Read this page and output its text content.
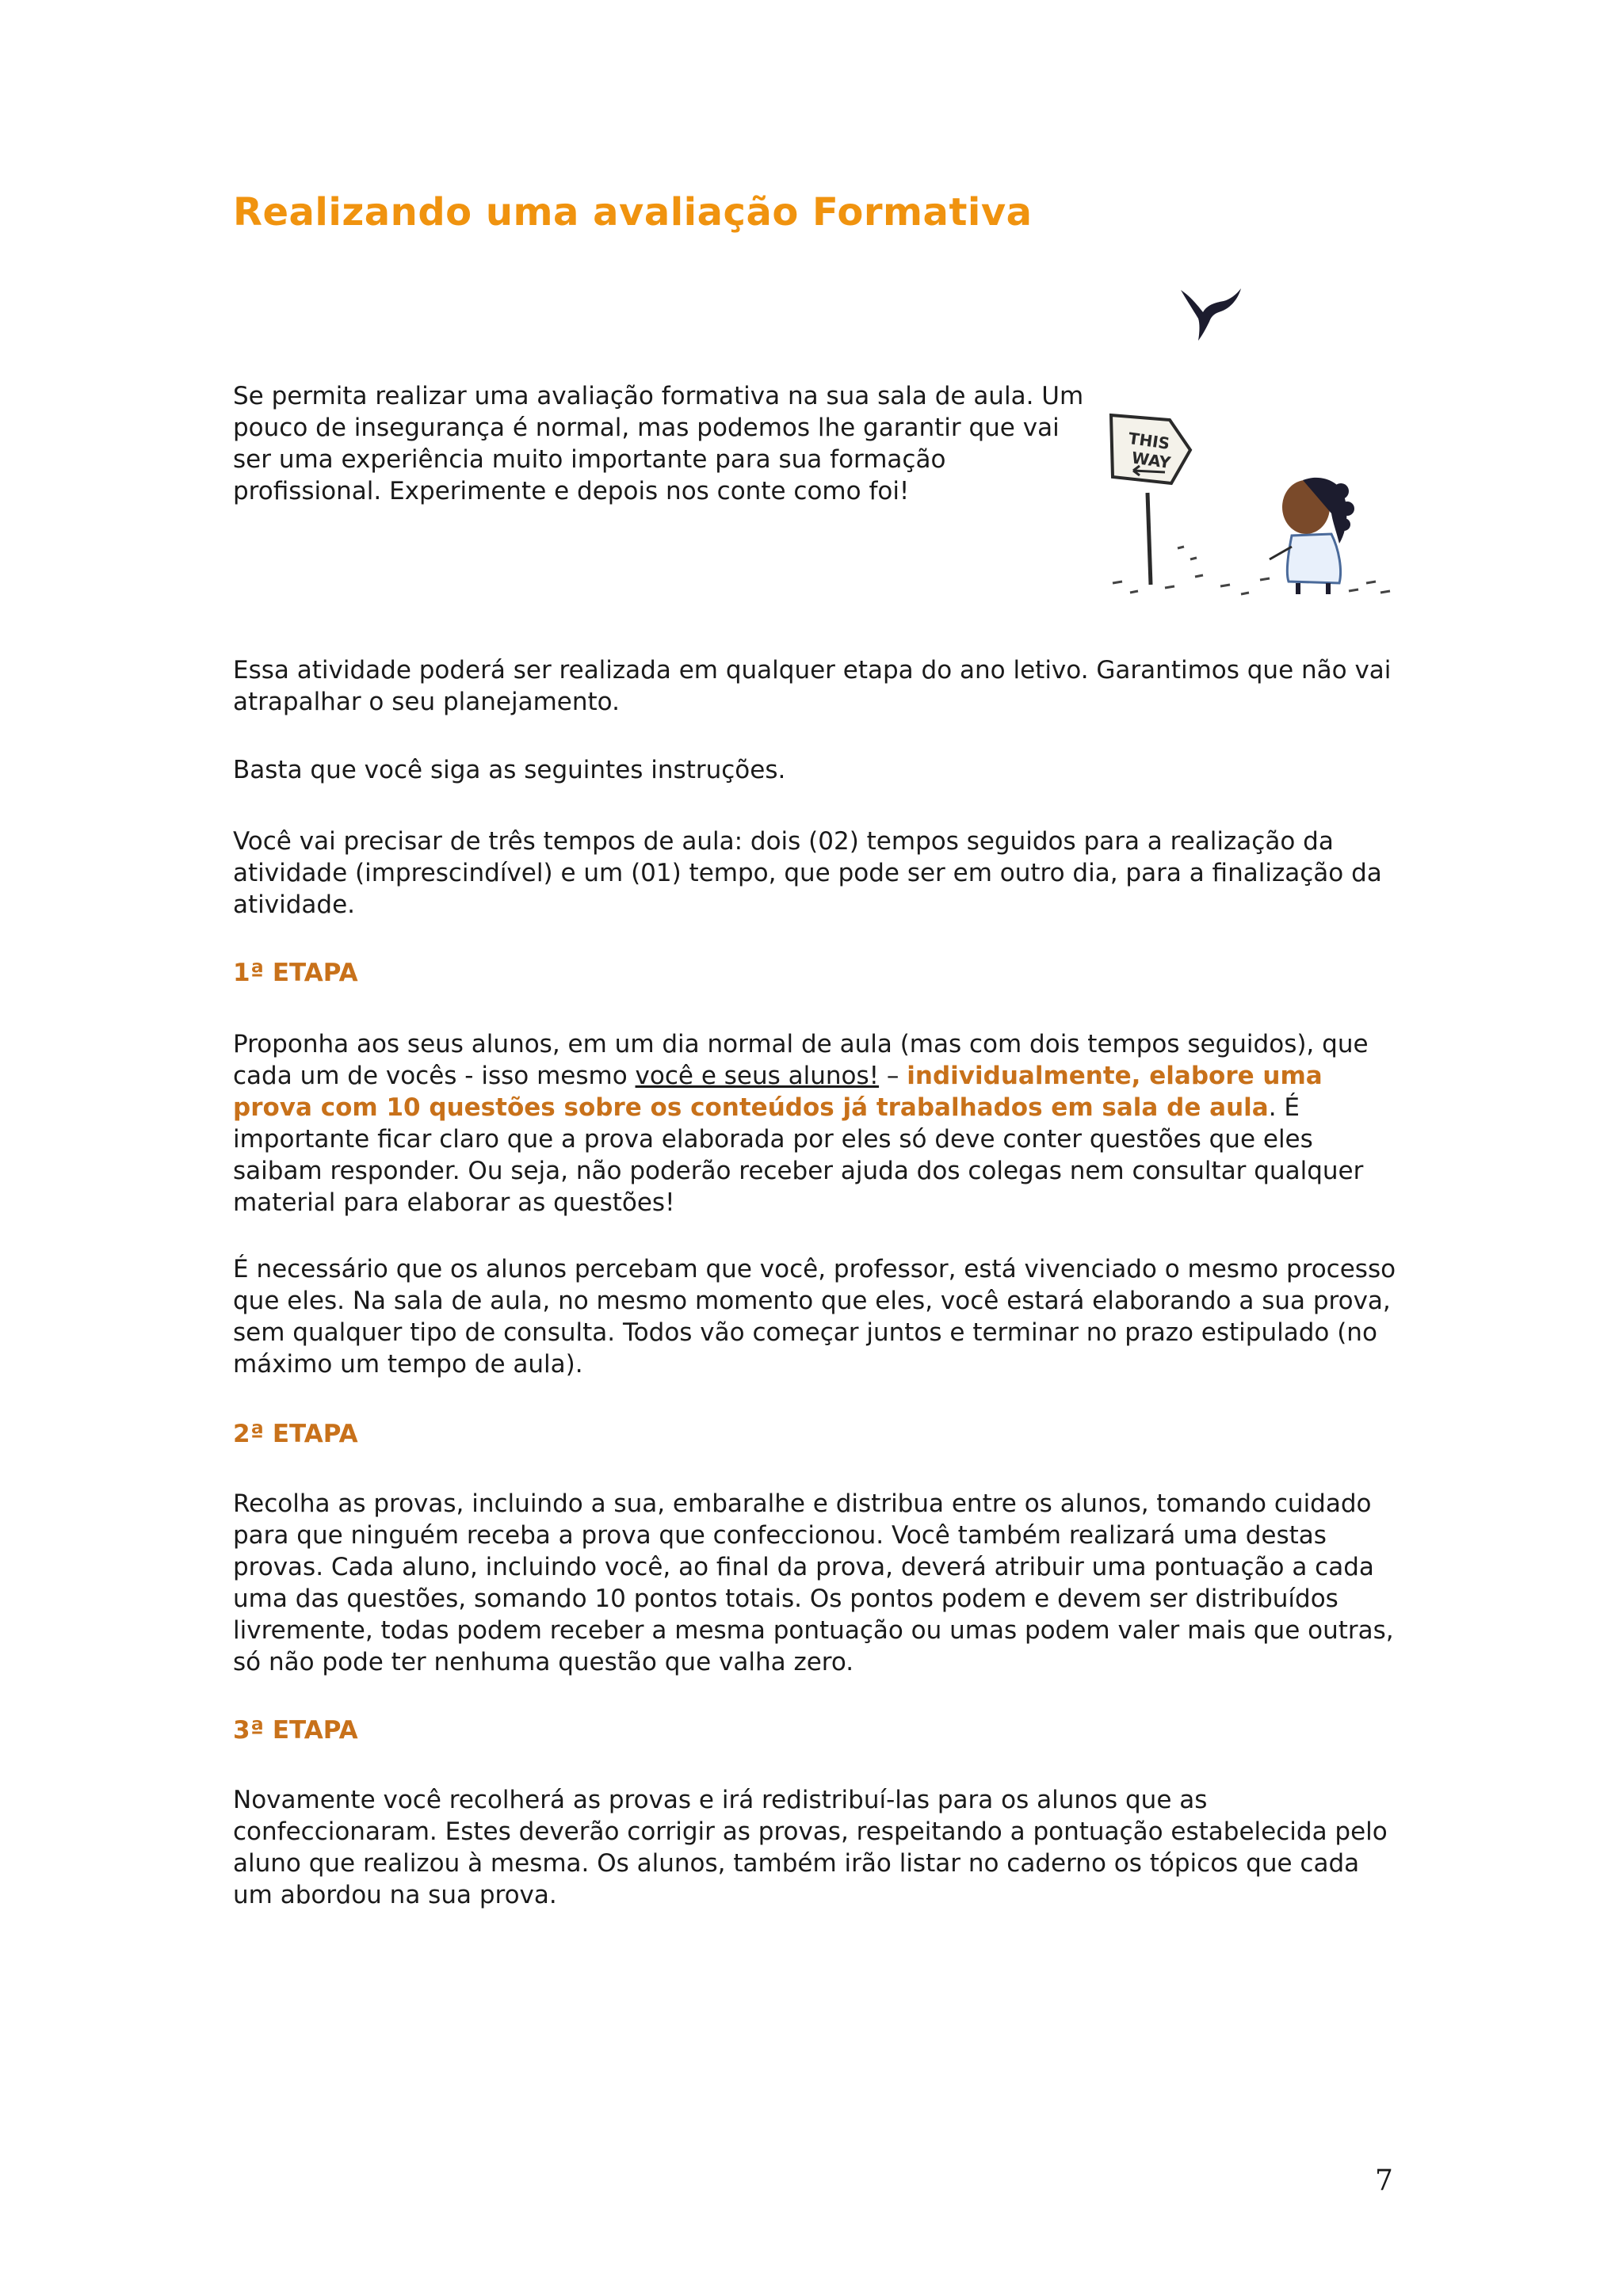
Realizando uma avaliação Formativa

Se permita realizar uma avaliação formativa na sua sala de aula. Um pouco de insegurança é normal, mas podemos lhe garantir que vai ser uma experiência muito importante para sua formação profissional. Experimente e depois nos conte como foi!

THIS
WAY

Essa atividade poderá ser realizada em qualquer etapa do ano letivo. Garantimos que não vai atrapalhar o seu planejamento.

Basta que você siga as seguintes instruções.

Você vai precisar de três tempos de aula: dois (02) tempos seguidos para a realização da atividade (imprescindível) e um (01) tempo, que pode ser em outro dia, para a finalização da atividade.

1ª ETAPA

Proponha aos seus alunos, em um dia normal de aula (mas com dois tempos seguidos), que cada um de vocês - isso mesmo você e seus alunos! – individualmente, elabore uma prova com 10 questões sobre os conteúdos já trabalhados em sala de aula. É importante ficar claro que a prova elaborada por eles só deve conter questões que eles saibam responder. Ou seja, não poderão receber ajuda dos colegas nem consultar qualquer material para elaborar as questões!

É necessário que os alunos percebam que você, professor, está vivenciado o mesmo processo que eles. Na sala de aula, no mesmo momento que eles, você estará elaborando a sua prova, sem qualquer tipo de consulta. Todos vão começar juntos e terminar no prazo estipulado (no máximo um tempo de aula).

2ª ETAPA

Recolha as provas, incluindo a sua, embaralhe e distribua entre os alunos, tomando cuidado para que ninguém receba a prova que confeccionou. Você também realizará uma destas provas. Cada aluno, incluindo você, ao final da prova, deverá atribuir uma pontuação a cada uma das questões, somando 10 pontos totais. Os pontos podem e devem ser distribuídos livremente, todas podem receber a mesma pontuação ou umas podem valer mais que outras, só não pode ter nenhuma questão que valha zero.

3ª ETAPA

Novamente você recolherá as provas e irá redistribuí-las para os alunos que as confeccionaram. Estes deverão corrigir as provas, respeitando a pontuação estabelecida pelo aluno que realizou à mesma. Os alunos, também irão listar no caderno os tópicos que cada um abordou na sua prova.

7
